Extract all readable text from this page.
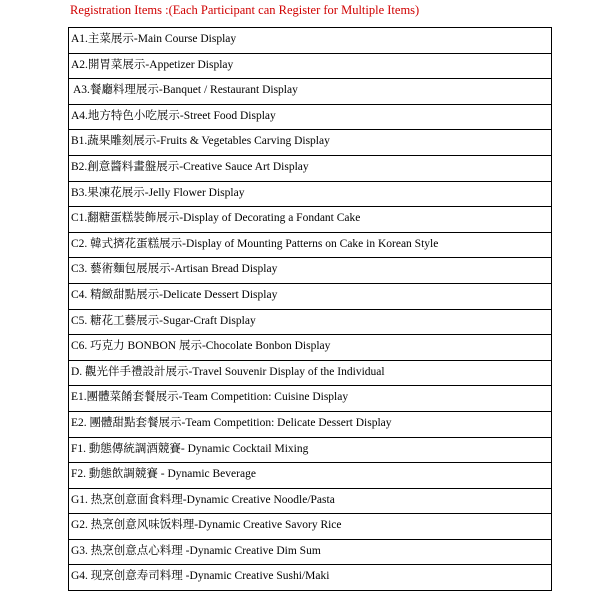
Registration Items :(Each Participant can Register for Multiple Items)
A1.主菜展示-Main Course Display
A2.開胃菜展示-Appetizer Display
A3.餐廳料理展示-Banquet / Restaurant Display
A4.地方特色小吃展示-Street Food Display
B1.蔬果雕刻展示-Fruits & Vegetables Carving Display
B2.創意醬料畫盤展示-Creative Sauce Art Display
B3.果凍花展示-Jelly Flower Display
C1.翻糖蛋糕裝飾展示-Display of Decorating a Fondant Cake
C2. 韓式擠花蛋糕展示-Display of Mounting Patterns on Cake in Korean Style
C3. 藝術麵包展展示-Artisan Bread Display
C4. 精緻甜點展示-Delicate Dessert Display
C5. 糖花工藝展示-Sugar-Craft Display
C6. 巧克力 BONBON 展示-Chocolate Bonbon Display
D. 觀光伴手禮設計展示-Travel Souvenir Display of the Individual
E1.團體菜餚套餐展示-Team Competition: Cuisine Display
E2. 團體甜點套餐展示-Team Competition: Delicate Dessert Display
F1. 動態傳統調酒競賽- Dynamic Cocktail Mixing
F2. 動態飲調競賽 - Dynamic Beverage
G1. 热烹创意面食料理-Dynamic Creative Noodle/Pasta
G2. 热烹创意风味饭料理-Dynamic Creative Savory Rice
G3. 热烹创意点心料理 -Dynamic Creative Dim Sum
G4. 现烹创意寿司料理 -Dynamic Creative Sushi/Maki
